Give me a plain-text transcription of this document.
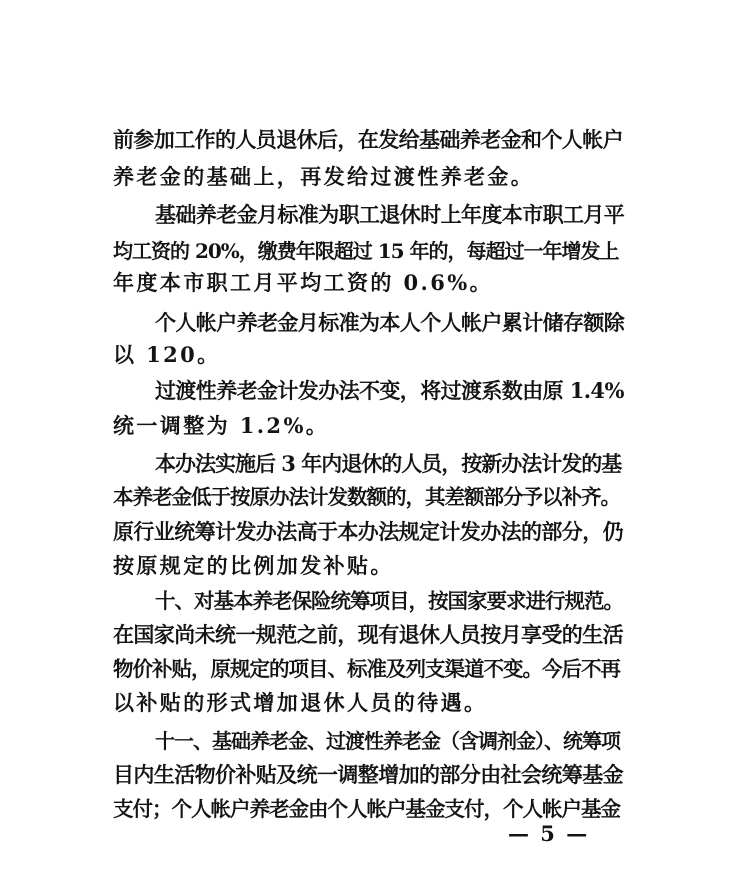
前参加工作的人员退休后，在发给基础养老金和个人帐户
养老金的基础上，再发给过渡性养老金。
基础养老金月标准为职工退休时上年度本市职工月平
均工资的 20%，缴费年限超过 15 年的，每超过一年增发上
年度本市职工月平均工资的 0.6%。
个人帐户养老金月标准为本人个人帐户累计储存额除
以 120。
过渡性养老金计发办法不变，将过渡系数由原 1.4%
统一调整为 1.2%。
本办法实施后 3 年内退休的人员，按新办法计发的基
本养老金低于按原办法计发数额的，其差额部分予以补齐。
原行业统筹计发办法高于本办法规定计发办法的部分，仍
按原规定的比例加发补贴。
十、对基本养老保险统筹项目，按国家要求进行规范。
在国家尚未统一规范之前，现有退休人员按月享受的生活
物价补贴，原规定的项目、标准及列支渠道不变。今后不再
以补贴的形式增加退休人员的待遇。
十一、基础养老金、过渡性养老金（含调剂金）、统筹项
目内生活物价补贴及统一调整增加的部分由社会统筹基金
支付；个人帐户养老金由个人帐户基金支付，个人帐户基金
— 5 —
